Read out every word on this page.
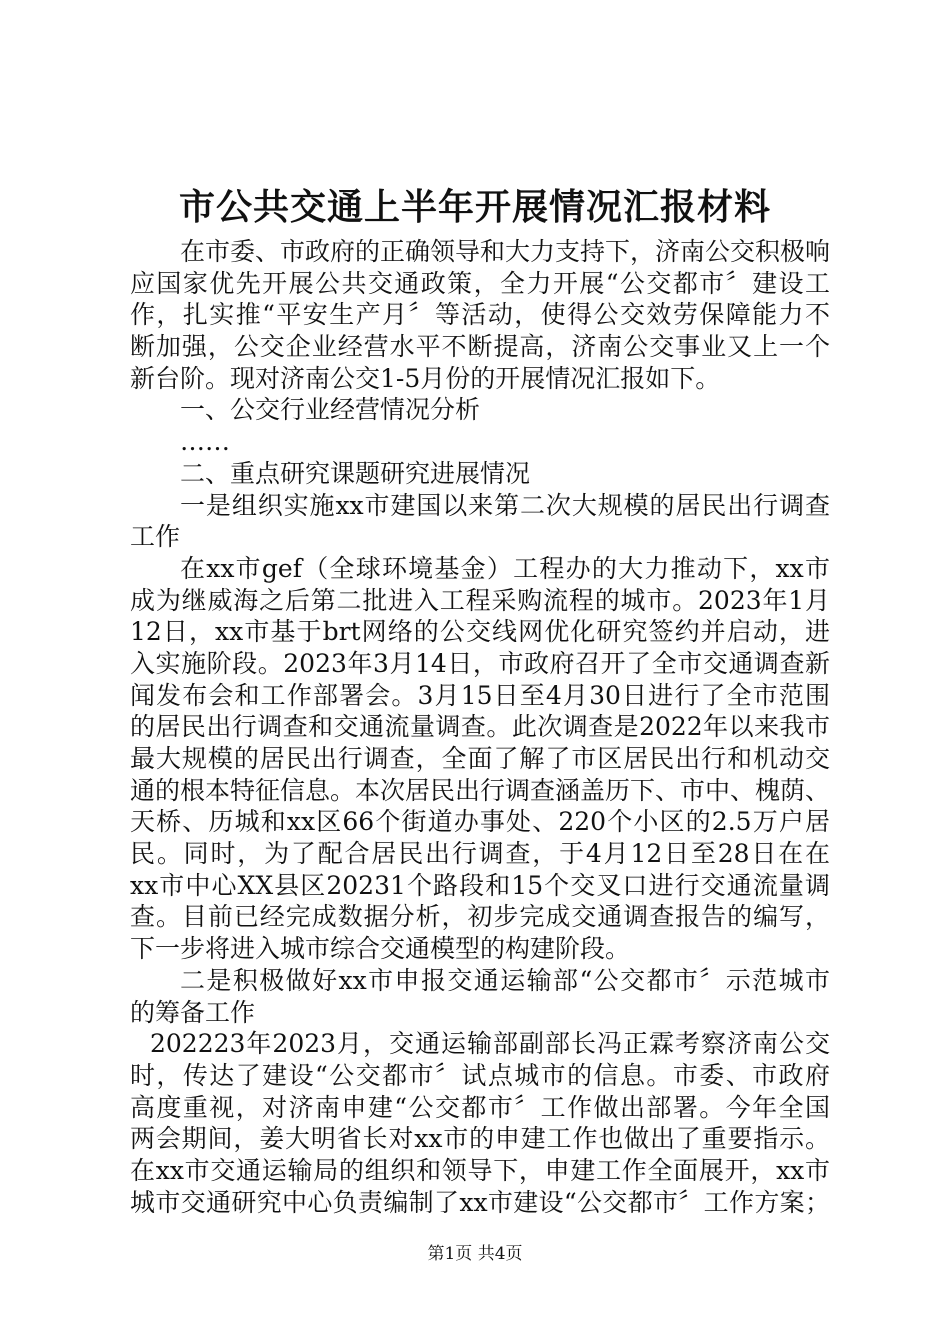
市公共交通上半年开展情况汇报材料
在市委、市政府的正确领导和大力支持下，济南公交积极响
应国家优先开展公共交通政策，全力开展“公交都市〞建设工
作，扎实推“平安生产月〞等活动，使得公交效劳保障能力不
断加强，公交企业经营水平不断提高，济南公交事业又上一个
新台阶。现对济南公交1-5月份的开展情况汇报如下。
一、公交行业经营情况分析
……
二、重点研究课题研究进展情况
一是组织实施xx市建国以来第二次大规模的居民出行调查
工作
在xx市gef（全球环境基金）工程办的大力推动下，xx市
成为继威海之后第二批进入工程采购流程的城市。2023年1月
12日，xx市基于brt网络的公交线网优化研究签约并启动，进
入实施阶段。2023年3月14日，市政府召开了全市交通调查新
闻发布会和工作部署会。3月15日至4月30日进行了全市范围
的居民出行调查和交通流量调查。此次调查是2022年以来我市
最大规模的居民出行调查，全面了解了市区居民出行和机动交
通的根本特征信息。本次居民出行调查涵盖历下、市中、槐荫、
天桥、历城和xx区66个街道办事处、220个小区的2.5万户居
民。同时，为了配合居民出行调查，于4月12日至28日在在
xx市中心XX县区20231个路段和15个交叉口进行交通流量调
查。目前已经完成数据分析，初步完成交通调查报告的编写，
下一步将进入城市综合交通模型的构建阶段。
二是积极做好xx市申报交通运输部“公交都市〞示范城市
的筹备工作
202223年2023月，交通运输部副部长冯正霖考察济南公交
时，传达了建设“公交都市〞试点城市的信息。市委、市政府
高度重视，对济南申建“公交都市〞工作做出部署。今年全国
两会期间，姜大明省长对xx市的申建工作也做出了重要指示。
在xx市交通运输局的组织和领导下，申建工作全面展开，xx市
城市交通研究中心负责编制了xx市建设“公交都市〞工作方案；
第1页 共4页
